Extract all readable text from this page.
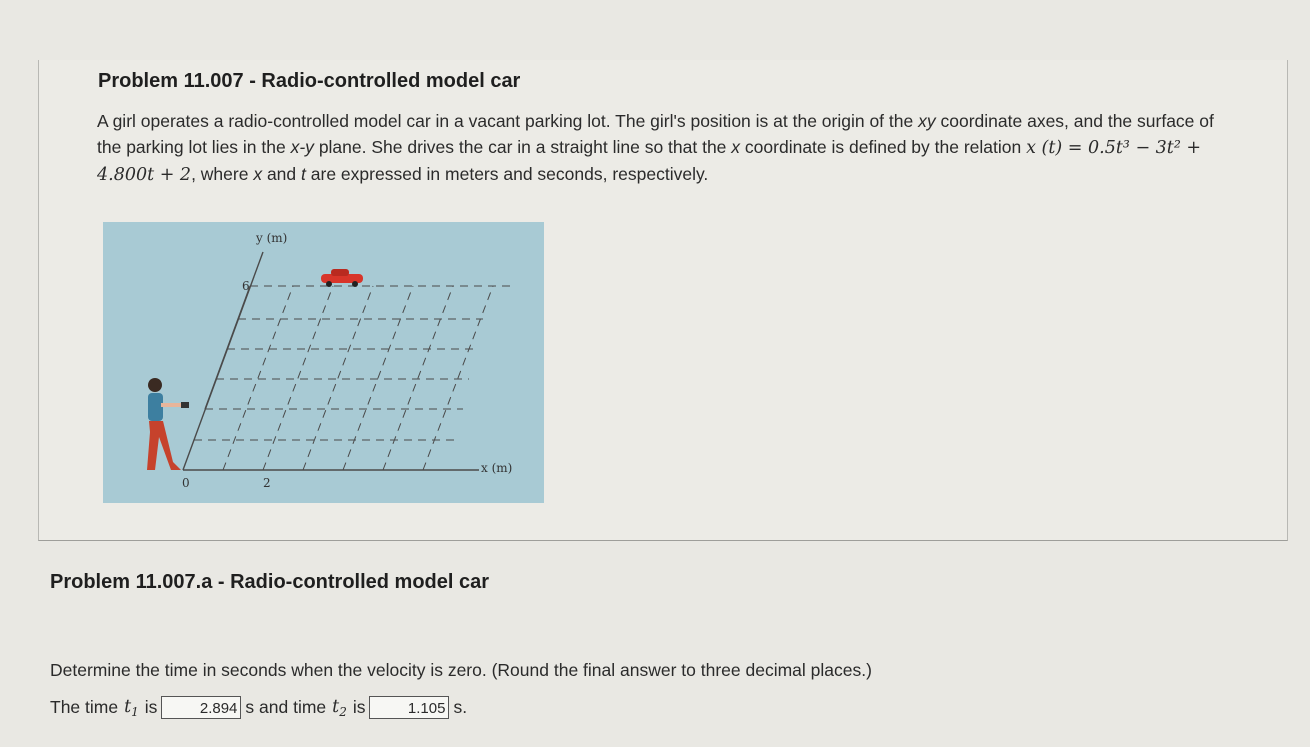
Problem 11.007 - Radio-controlled model car
A girl operates a radio-controlled model car in a vacant parking lot. The girl's position is at the origin of the xy coordinate axes, and the surface of the parking lot lies in the x-y plane. She drives the car in a straight line so that the x coordinate is defined by the relation x (t) = 0.5t³ − 3t² + 4.800t + 2, where x and t are expressed in meters and seconds, respectively.
y (m)
x (m)
6
0	2
Problem 11.007.a - Radio-controlled model car
Determine the time in seconds when the velocity is zero. (Round the final answer to three decimal places.)
The time $t_1$ is	2.894 s and time $t_2$ is	1.105 s.
